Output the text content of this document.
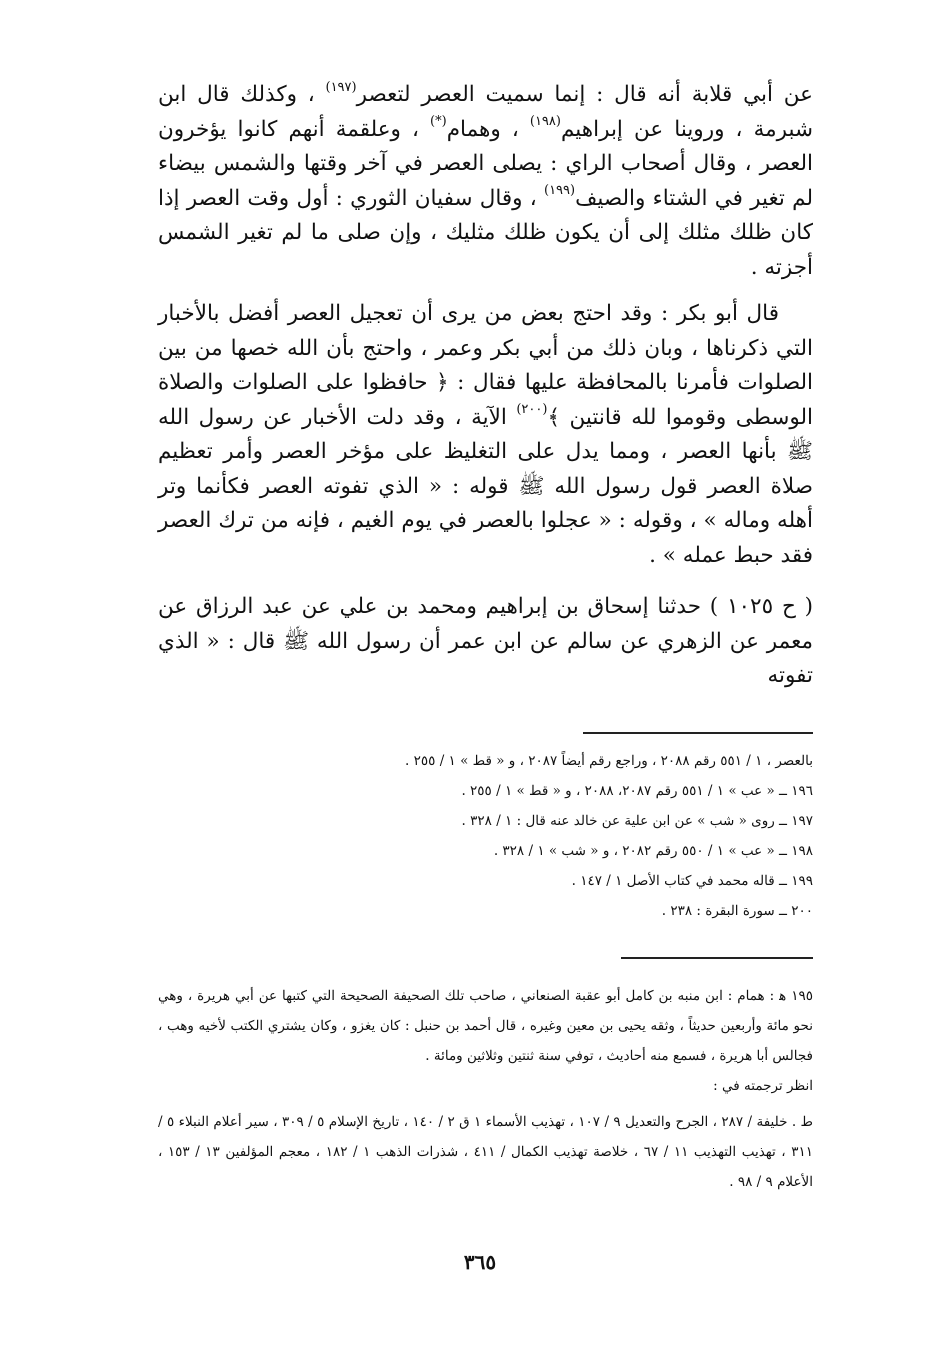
عن أبي قلابة أنه قال : إنما سميت العصر لتعصر$^{(١٩٧)}$ ، وكذلك قال ابن شبرمة ، وروينا عن إبراهيم$^{(١٩٨)}$ ، وهمام(*) ، وعلقمة أنهم كانوا يؤخرون العصر ، وقال أصحاب الراي : يصلى العصر في آخر وقتها والشمس بيضاء لم تغير في الشتاء والصيف$^{(١٩٩)}$ ، وقال سفيان الثوري : أول وقت العصر إذا كان ظلك مثلك إلى أن يكون ظلك مثليك ، وإن صلى ما لم تغير الشمس أجزته .

قال أبو بكر : وقد احتج بعض من يرى أن تعجيل العصر أفضل بالأخبار التي ذكرناها ، وبان ذلك من أبي بكر وعمر ، واحتج بأن الله خصها من بين الصلوات فأمرنا بالمحافظة عليها فقال : ﴿ حافظوا على الصلوات والصلاة الوسطى وقوموا لله قانتين ﴾$^{(٢٠٠)}$ الآية ، وقد دلت الأخبار عن رسول الله ﷺ بأنها العصر ، ومما يدل على التغليظ على مؤخر العصر وأمر تعظيم صلاة العصر قول رسول الله ﷺ قوله : « الذي تفوته العصر فكأنما وتر أهله وماله » ، وقوله : « عجلوا بالعصر في يوم الغيم ، فإنه من ترك العصر فقد حبط عمله » .

( ح ١٠٢٥ ) حدثنا إسحاق بن إبراهيم ومحمد بن علي عن عبد الرزاق عن معمر عن الزهري عن سالم عن ابن عمر أن رسول الله ﷺ قال : « الذي تفوته

بالعصر ، ١ / ٥٥١ رقم ٢٠٨٨ ، وراجع رقم أيضاً ٢٠٨٧ ، و « قط » ١ / ٢٥٥ .
١٩٦ ــ « عب » ١ / ٥٥١ رقم ٢٠٨٧، ٢٠٨٨ ، و « قط » ١ / ٢٥٥ .
١٩٧ ــ روى « شب » عن ابن علية عن خالد عنه قال : ١ / ٣٢٨ .
١٩٨ ــ « عب » ١ / ٥٥٠ رقم ٢٠٨٢ ، و « شب » ١ / ٣٢٨ .
١٩٩ ــ قاله محمد في كتاب الأصل ١ / ١٤٧ .
٢٠٠ ــ سورة البقرة : ٢٣٨ .

١٩٥ ﻫ : همام : ابن منبه بن كامل أبو عقبة الصنعاني ، صاحب تلك الصحيفة الصحيحة التي كتبها عن أبي هريرة ، وهي نحو مائة وأربعين حديثاً ، وثقه يحيى بن معين وغيره ، قال أحمد بن حنبل : كان يغزو ، وكان يشتري الكتب لأخيه وهب ، فجالس أبا هريرة ، فسمع منه أحاديث ، توفي سنة ثنتين وثلاثين ومائة .

انظر ترجمته في :

ط . خليفة / ٢٨٧ ، الجرح والتعديل ٩ / ١٠٧ ، تهذيب الأسماء ١ ق ٢ / ١٤٠ ، تاريخ الإسلام ٥ / ٣٠٩ ، سير أعلام النبلاء ٥ / ٣١١ ، تهذيب التهذيب ١١ / ٦٧ ، خلاصة تهذيب الكمال / ٤١١ ، شذرات الذهب ١ / ١٨٢ ، معجم المؤلفين ١٣ / ١٥٣ ، الأعلام ٩ / ٩٨ .

٣٦٥
